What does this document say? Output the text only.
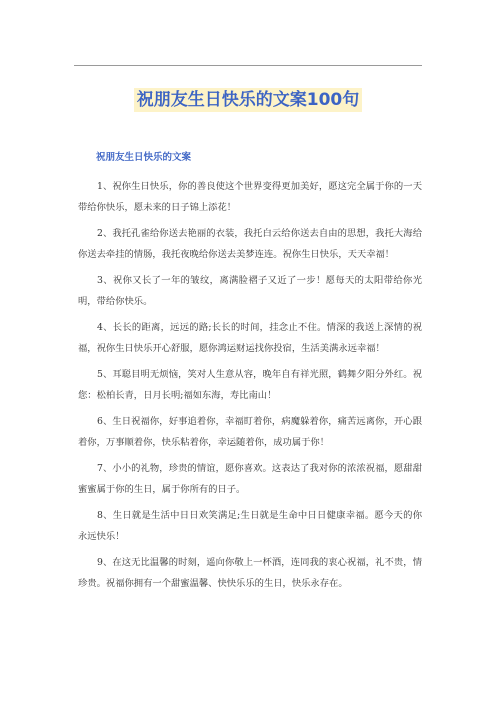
祝朋友生日快乐的文案100句
祝朋友生日快乐的文案

1、祝你生日快乐，你的善良使这个世界变得更加美好，愿这完全属于你的一天带给你快乐，愿未来的日子锦上添花！

2、我托孔雀给你送去艳丽的衣装，我托白云给你送去自由的思想，我托大海给你送去牵挂的情肠，我托夜晚给你送去美梦连连。祝你生日快乐，天天幸福！

3、祝你又长了一年的皱纹，离满脸褶子又近了一步！愿每天的太阳带给你光明，带给你快乐。

4、长长的距离，远远的路;长长的时间，挂念止不住。情深的我送上深情的祝福，祝你生日快乐开心舒服，愿你鸿运财运找你投宿，生活美满永远幸福！

5、耳聪目明无烦恼，笑对人生意从容，晚年自有祥光照，鹤舞夕阳分外红。祝您：松柏长青，日月长明;福如东海，寿比南山！

6、生日祝福你，好事追着你，幸福盯着你，病魔躲着你，痛苦远离你，开心跟着你，万事顺着你，快乐粘着你，幸运随着你，成功属于你！

7、小小的礼物，珍贵的情谊，愿你喜欢。这表达了我对你的浓浓祝福，愿甜甜蜜蜜属于你的生日，属于你所有的日子。

8、生日就是生活中日日欢笑满足;生日就是生命中日日健康幸福。愿今天的你永远快乐！

9、在这无比温馨的时刻，遥向你敬上一杯酒，连同我的衷心祝福，礼不贵，情珍贵。祝福你拥有一个甜蜜温馨、快快乐乐的生日，快乐永存在。
